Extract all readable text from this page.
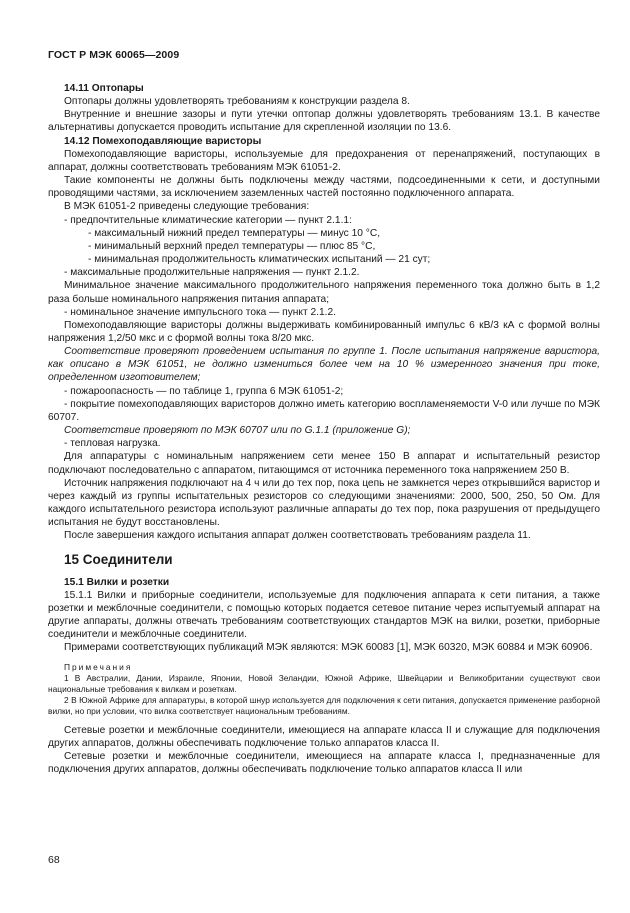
ГОСТ Р МЭК 60065—2009
14.11 Оптопары

Оптопары должны удовлетворять требованиям к конструкции раздела 8.

Внутренние и внешние зазоры и пути утечки оптопар должны удовлетворять требованиям 13.1. В качестве альтернативы допускается проводить испытание для скрепленной изоляции по 13.6.

14.12 Помехоподавляющие варисторы

Помехоподавляющие варисторы, используемые для предохранения от перенапряжений, поступающих в аппарат, должны соответствовать требованиям МЭК 61051-2.

Такие компоненты не должны быть подключены между частями, подсоединенными к сети, и доступными проводящими частями, за исключением заземленных частей постоянно подключенного аппарата.

В МЭК 61051-2 приведены следующие требования:

- предпочтительные климатические категории — пункт 2.1.1:

- максимальный нижний предел температуры — минус 10 °С,

- минимальный верхний предел температуры — плюс 85 °С,

- минимальная продолжительность климатических испытаний — 21 сут;

- максимальные продолжительные напряжения — пункт 2.1.2.

Минимальное значение максимального продолжительного напряжения переменного тока должно быть в 1,2 раза больше номинального напряжения питания аппарата;

- номинальное значение импульсного тока — пункт 2.1.2.

Помехоподавляющие варисторы должны выдерживать комбинированный импульс 6 кВ/3 кА с формой волны напряжения 1,2/50 мкс и с формой волны тока 8/20 мкс.

Соответствие проверяют проведением испытания по группе 1. После испытания напряжение варистора, как описано в МЭК 61051, не должно измениться более чем на 10 % измеренного значения при токе, определенном изготовителем;

- пожароопасность — по таблице 1, группа 6 МЭК 61051-2;

- покрытие помехоподавляющих варисторов должно иметь категорию воспламеняемости V-0 или лучше по МЭК 60707.

Соответствие проверяют по МЭК 60707 или по G.1.1 (приложение G);

- тепловая нагрузка.

Для аппаратуры с номинальным напряжением сети менее 150 В аппарат и испытательный резистор подключают последовательно с аппаратом, питающимся от источника переменного тока напряжением 250 В.

Источник напряжения подключают на 4 ч или до тех пор, пока цепь не замкнется через открывшийся варистор и через каждый из группы испытательных резисторов со следующими значениями: 2000, 500, 250, 50 Ом. Для каждого испытательного резистора используют различные аппараты до тех пор, пока разрушения от предыдущего испытания не будут восстановлены.

После завершения каждого испытания аппарат должен соответствовать требованиям раздела 11.

15 Соединители
15.1 Вилки и розетки

15.1.1 Вилки и приборные соединители, используемые для подключения аппарата к сети питания, а также розетки и межблочные соединители, с помощью которых подается сетевое питание через испытуемый аппарат на другие аппараты, должны отвечать требованиям соответствующих стандартов МЭК на вилки, розетки, приборные соединители и межблочные соединители.

Примерами соответствующих публикаций МЭК являются: МЭК 60083 [1], МЭК 60320, МЭК 60884 и МЭК 60906.

Примечания

1 В Австралии, Дании, Израиле, Японии, Новой Зеландии, Южной Африке, Швейцарии и Великобритании существуют свои национальные требования к вилкам и розеткам.

2 В Южной Африке для аппаратуры, в которой шнур используется для подключения к сети питания, допускается применение разборной вилки, но при условии, что вилка соответствует национальным требованиям.

Сетевые розетки и межблочные соединители, имеющиеся на аппарате класса II и служащие для подключения других аппаратов, должны обеспечивать подключение только аппаратов класса II.

Сетевые розетки и межблочные соединители, имеющиеся на аппарате класса I, предназначенные для подключения других аппаратов, должны обеспечивать подключение только аппаратов класса II или

68
